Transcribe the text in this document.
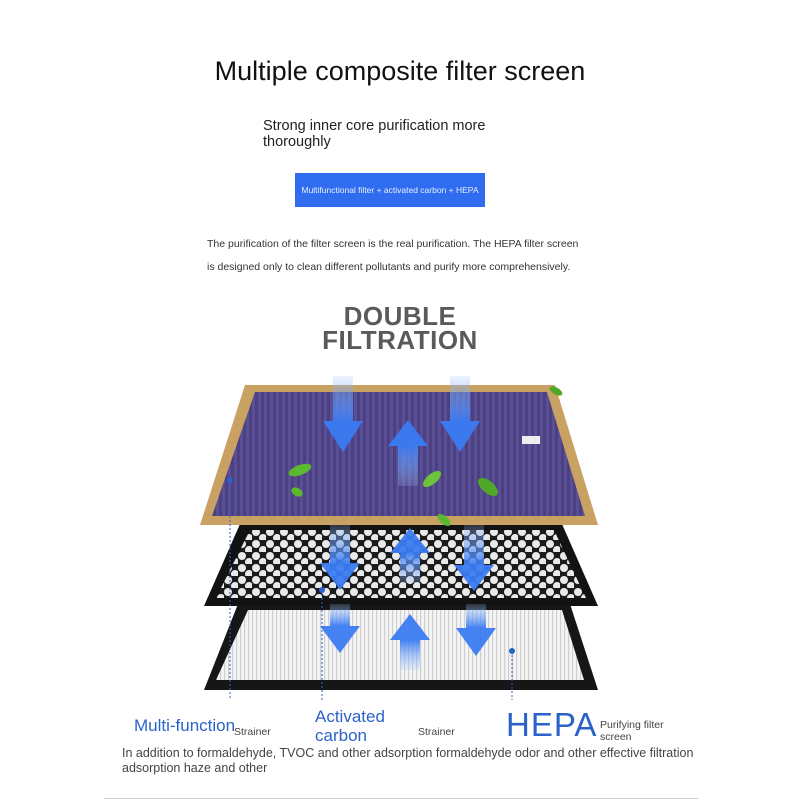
Multiple composite filter screen
Strong inner core purification more thoroughly
Multifunctional filter + activated carbon + HEPA
The purification of the filter screen is the real purification. The HEPA filter screen
is designed only to clean different pollutants and purify more comprehensively.
DOUBLE
FILTRATION
Multi-function
Strainer
Activated carbon	Strainer HEPA Purifying filter screen
In addition to formaldehyde, TVOC and other adsorption formaldehyde odor and other effective filtration adsorption haze and other
